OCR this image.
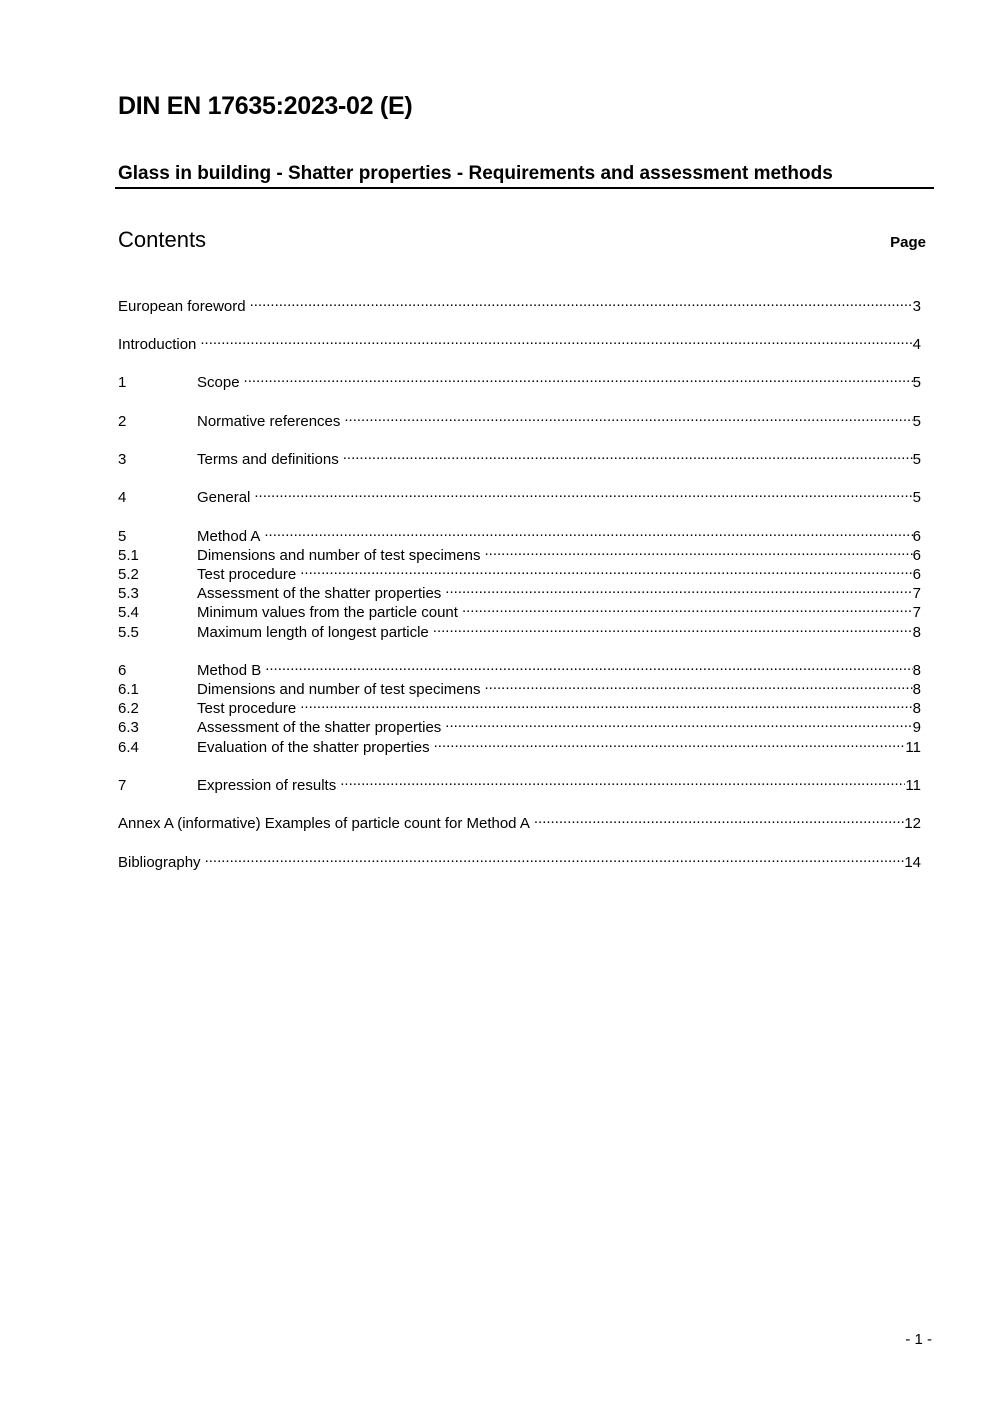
DIN EN 17635:2023-02 (E)
Glass in building - Shatter properties - Requirements and assessment methods
Contents	Page
European foreword .....	3
Introduction .....	4
1	Scope .....	5
2	Normative references .....	5
3	Terms and definitions .....	5
4	General .....	5
5	Method A .....	6
5.1	Dimensions and number of test specimens .....	6
5.2	Test procedure .....	6
5.3	Assessment of the shatter properties .....	7
5.4	Minimum values from the particle count .....	7
5.5	Maximum length of longest particle .....	8
6	Method B .....	8
6.1	Dimensions and number of test specimens .....	8
6.2	Test procedure .....	8
6.3	Assessment of the shatter properties .....	9
6.4	Evaluation of the shatter properties .....	11
7	Expression of results .....	11
Annex A (informative) Examples of particle count for Method A .....	12
Bibliography .....	14
- 1 -
